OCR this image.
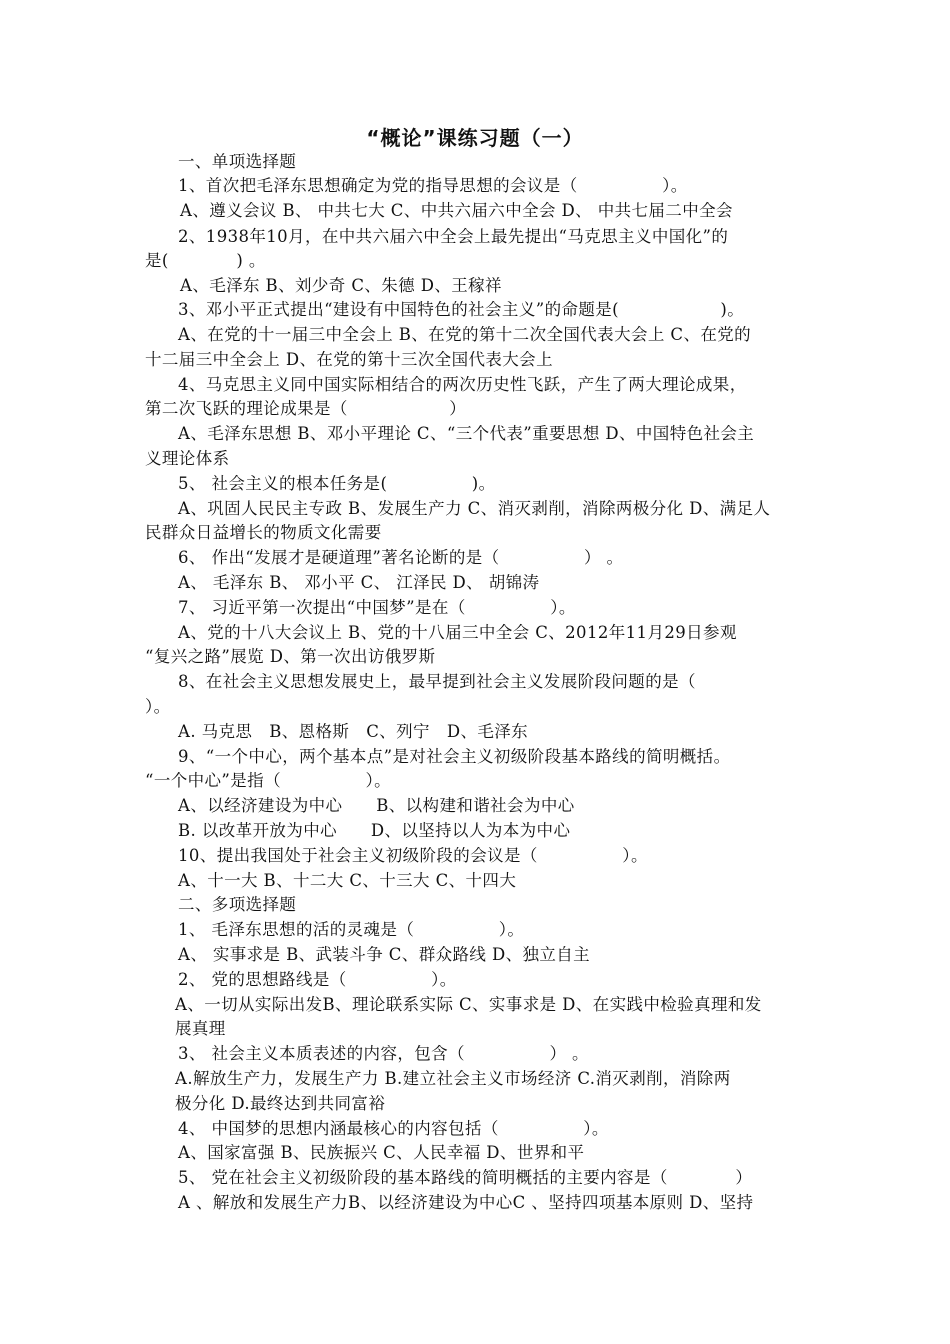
“概论”课练习题（一）
一、单项选择题
1、首次把毛泽东思想确定为党的指导思想的会议是（　　　　　）。
A、遵义会议 B、 中共七大 C、中共六届六中全会 D、 中共七届二中全会
2、1938年10月，在中共六届六中全会上最先提出“马克思主义中国化”的
是(　　　　) 。
A、毛泽东 B、刘少奇 C、朱德 D、王稼祥
3、邓小平正式提出“建设有中国特色的社会主义”的命题是(　　　　　　)。
A、在党的十一届三中全会上 B、在党的第十二次全国代表大会上 C、在党的
十二届三中全会上 D、在党的第十三次全国代表大会上
4、马克思主义同中国实际相结合的两次历史性飞跃，产生了两大理论成果，
第二次飞跃的理论成果是（　　　　　　）
A、毛泽东思想 B、邓小平理论 C、“三个代表”重要思想 D、中国特色社会主
义理论体系
5、 社会主义的根本任务是(　　　　　)。
A、巩固人民民主专政 B、发展生产力 C、消灭剥削，消除两极分化 D、满足人
民群众日益增长的物质文化需要
6、 作出“发展才是硬道理”著名论断的是（　　　　　） 。
A、 毛泽东 B、 邓小平 C、 江泽民 D、 胡锦涛
7、 习近平第一次提出“中国梦”是在（　　　　　）。
A、党的十八大会议上 B、党的十八届三中全会 C、2012年11月29日参观
“复兴之路”展览 D、第一次出访俄罗斯
8、在社会主义思想发展史上，最早提到社会主义发展阶段问题的是（
）。
A. 马克思　B、恩格斯　C、列宁　D、毛泽东
9、“一个中心，两个基本点”是对社会主义初级阶段基本路线的简明概括。
“一个中心”是指（　　　　　）。
A、以经济建设为中心　　B、以构建和谐社会为中心
B. 以改革开放为中心　　D、以坚持以人为本为中心
10、提出我国处于社会主义初级阶段的会议是（　　　　　）。
A、十一大 B、十二大 C、十三大 C、十四大
二、多项选择题
1、 毛泽东思想的活的灵魂是（　　　　　）。
A、 实事求是 B、武装斗争 C、群众路线 D、独立自主
2、 党的思想路线是（　　　　　）。
A、一切从实际出发B、理论联系实际 C、实事求是 D、在实践中检验真理和发
展真理
3、 社会主义本质表述的内容，包含（　　　　　） 。
A.解放生产力，发展生产力 B.建立社会主义市场经济 C.消灭剥削，消除两
极分化 D.最终达到共同富裕
4、 中国梦的思想内涵最核心的内容包括（　　　　　）。
A、国家富强 B、民族振兴 C、人民幸福 D、世界和平
5、 党在社会主义初级阶段的基本路线的简明概括的主要内容是（　　　　）
A 、解放和发展生产力B、以经济建设为中心C 、坚持四项基本原则 D、坚持
